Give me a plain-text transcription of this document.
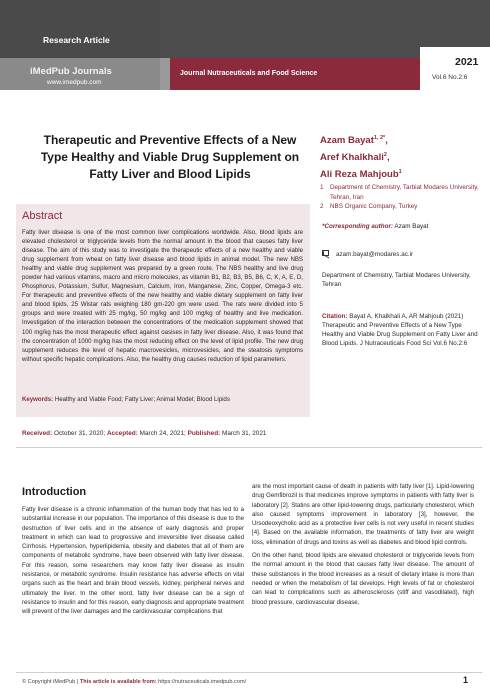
Research Article
iMedPub Journals
www.imedpub.com
Journal Nutraceuticals and Food Science
2021
Vol.6 No.2:6
Therapeutic and Preventive Effects of a New Type Healthy and Viable Drug Supplement on Fatty Liver and Blood Lipids
Azam Bayat$^{1, 2*}$,
Aref Khalkhali$^2$,
Ali Reza Mahjoub$^1$
1	Department of Chemistry, Tarbiat Modares University, Tehran, Iran
2	NBS Organic Company, Turkey
Abstract
Fatty liver disease is one of the most common liver complications worldwide. Also, blood lipids are elevated cholesterol or triglyceride levels from the normal amount in the blood that causes fatty liver disease. The aim of this study was to investigate the therapeutic effects of a new healthy and viable drug supplement from wheat on fatty liver disease and blood lipids in animal model. The new NBS healthy and viable drug supplement was prepared by a green route. The NBS healthy and live drug powder had various vitamins, macro and micro molecules, as vitamin B1, B2, B3, B5, B6, C, K, A, E, D, Phosphorus, Potassium, Sulfur, Magnesium, Calcium, Iron, Manganese, Zinc, Copper, Omega-3 etc. For therapeutic and preventive effects of the new healthy and viable dietary supplement on fatty liver and blood lipids, 25 Wistar rats weighing 180 gm-220 gm were used. The rats were divided into 5 groups and were treated with 25 mg/kg, 50 mg/kg and 100 mg/kg of healthy and live medication. Investigation of the interaction between the concentrations of the medication supplement showed that 100 mg/kg has the most therapeutic effect against oasises in fatty liver disease. Also, it was found that the concentration of 1000 mg/kg has the most reducing effect on the level of lipid profile. The new drug supplement reduces the level of hepatic macrovesicles, microvesicles, and the steatosis symptoms without specific hepatic complications. Also, the healthy drug causes reduction of lipid parameters.
Keywords: Healthy and Viable Food; Fatty Liver; Animal Model; Blood Lipids
*Corresponding author: Azam Bayat
azam.bayat@modares.ac.ir
Department of Chemistry, Tarbiat Modares University, Tehran
Citation: Bayat A, Khalkhali A, AR Mahjoub (2021) Therapeutic and Preventive Effects of a New Type Healthy and Viable Drug Supplement on Fatty Liver and Blood Lipids. J Nutraceuticals Food Sci Vol.6 No.2:6
Received: October 31, 2020; Accepted: March 24, 2021; Published: March 31, 2021
Introduction
Fatty liver disease is a chronic inflammation of the human body that has led to a substantial increase in our population. The importance of this disease is due to the destruction of liver cells and in the absence of early diagnosis and proper treatment in which can lead to progressive and irreversible liver disease called Cirrhosis. Hypertension, hyperlipidemia, obesity and diabetes that all of them are components of metabolic syndrome, have been observed with fatty liver disease. For this reason, some researchers may know fatty liver disease as insulin resistance, or metabolic syndrome. Insulin resistance has adverse effects on vital organs such as the heart and brain blood vessels, kidney, peripheral nerves and ultimately the liver. In the other word, fatty liver disease can be a sign of resistance to insulin and for this reason, early diagnosis and appropriate treatment will prevent of the liver damages and the cardiovascular complications that

are the most important cause of death in patients with fatty liver [1]. Lipid-lowering drug Gemfibrozil is that medicines improve symptoms in patients with fatty liver is laboratory [2]. Statins are other lipid-lowering drugs, particularly cholesterol, which also caused symptoms improvement in laboratory [3], however, the Ursodeoxycholic acid as a protective liver cells is not very useful in recent studies [4]. Based on the available information, the treatments of fatty liver are weight loss, elimination of drugs and toxins as well as diabetes and blood lipid controls.

On the other hand, blood lipids are elevated cholesterol or triglyceride levels from the normal amount in the blood that causes fatty liver disease. The amount of these substances in the blood increases as a result of dietary intake is more than needed or when the metabolism of fat develops. High levels of fat or cholesterol can lead to complications such as atherosclerosis (stiff and vasodilated), high blood pressure, cardiovascular disease,

© Copyright iMedPub | This article is available from: https://nutraceuticals.imedpub.com/	1
